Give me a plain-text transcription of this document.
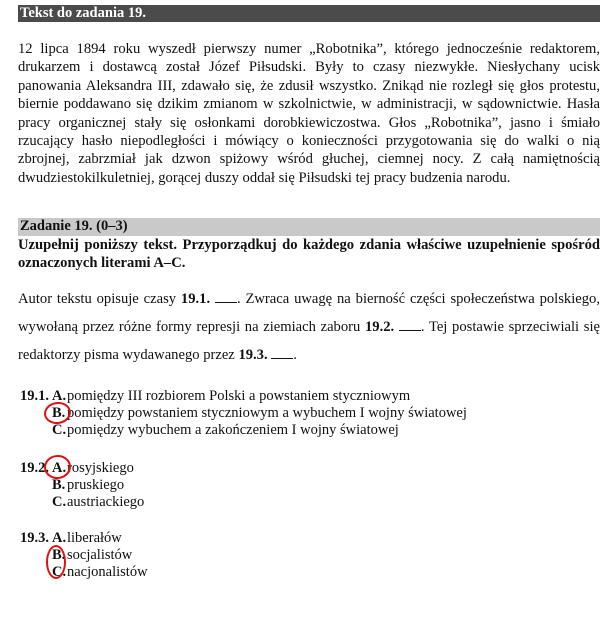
Tekst do zadania 19.

12 lipca 1894 roku wyszedł pierwszy numer „Robotnika”, którego jednocześnie redaktorem, drukarzem i dostawcą został Józef Piłsudski. Były to czasy niezwykłe. Niesłychany ucisk panowania Aleksandra III, zdawało się, że zdusił wszystko. Znikąd nie rozległ się głos protestu, biernie poddawano się dzikim zmianom w szkolnictwie, w administracji, w sądownictwie. Hasła pracy organicznej stały się osłonkami dorobkiewiczostwa. Głos „Robotnika”, jasno i śmiało rzucający hasło niepodległości i mówiący o konieczności przygotowania się do walki o nią zbrojnej, zabrzmiał jak dzwon spiżowy wśród głuchej, ciemnej nocy. Z całą namiętnością dwudziestokilkuletniej, gorącej duszy oddał się Piłsudski tej pracy budzenia narodu.

Zadanie 19. (0–3)

Uzupełnij poniższy tekst. Przyporządkuj do każdego zdania właściwe uzupełnienie spośród oznaczonych literami A–C.

Autor tekstu opisuje czasy 19.1. . Zwraca uwagę na bierność części społeczeństwa polskiego, wywołaną przez różne formy represji na ziemiach zaboru 19.2. . Tej postawie sprzeciwiali się redaktorzy pisma wydawanego przez 19.3. .

19.1. A. pomiędzy III rozbiorem Polski a powstaniem styczniowym
B. pomiędzy powstaniem styczniowym a wybuchem I wojny światowej
C. pomiędzy wybuchem a zakończeniem I wojny światowej
19.2. A. rosyjskiego
B. pruskiego
C. austriackiego
19.3. A. liberałów
B. socjalistów
C. nacjonalistów
